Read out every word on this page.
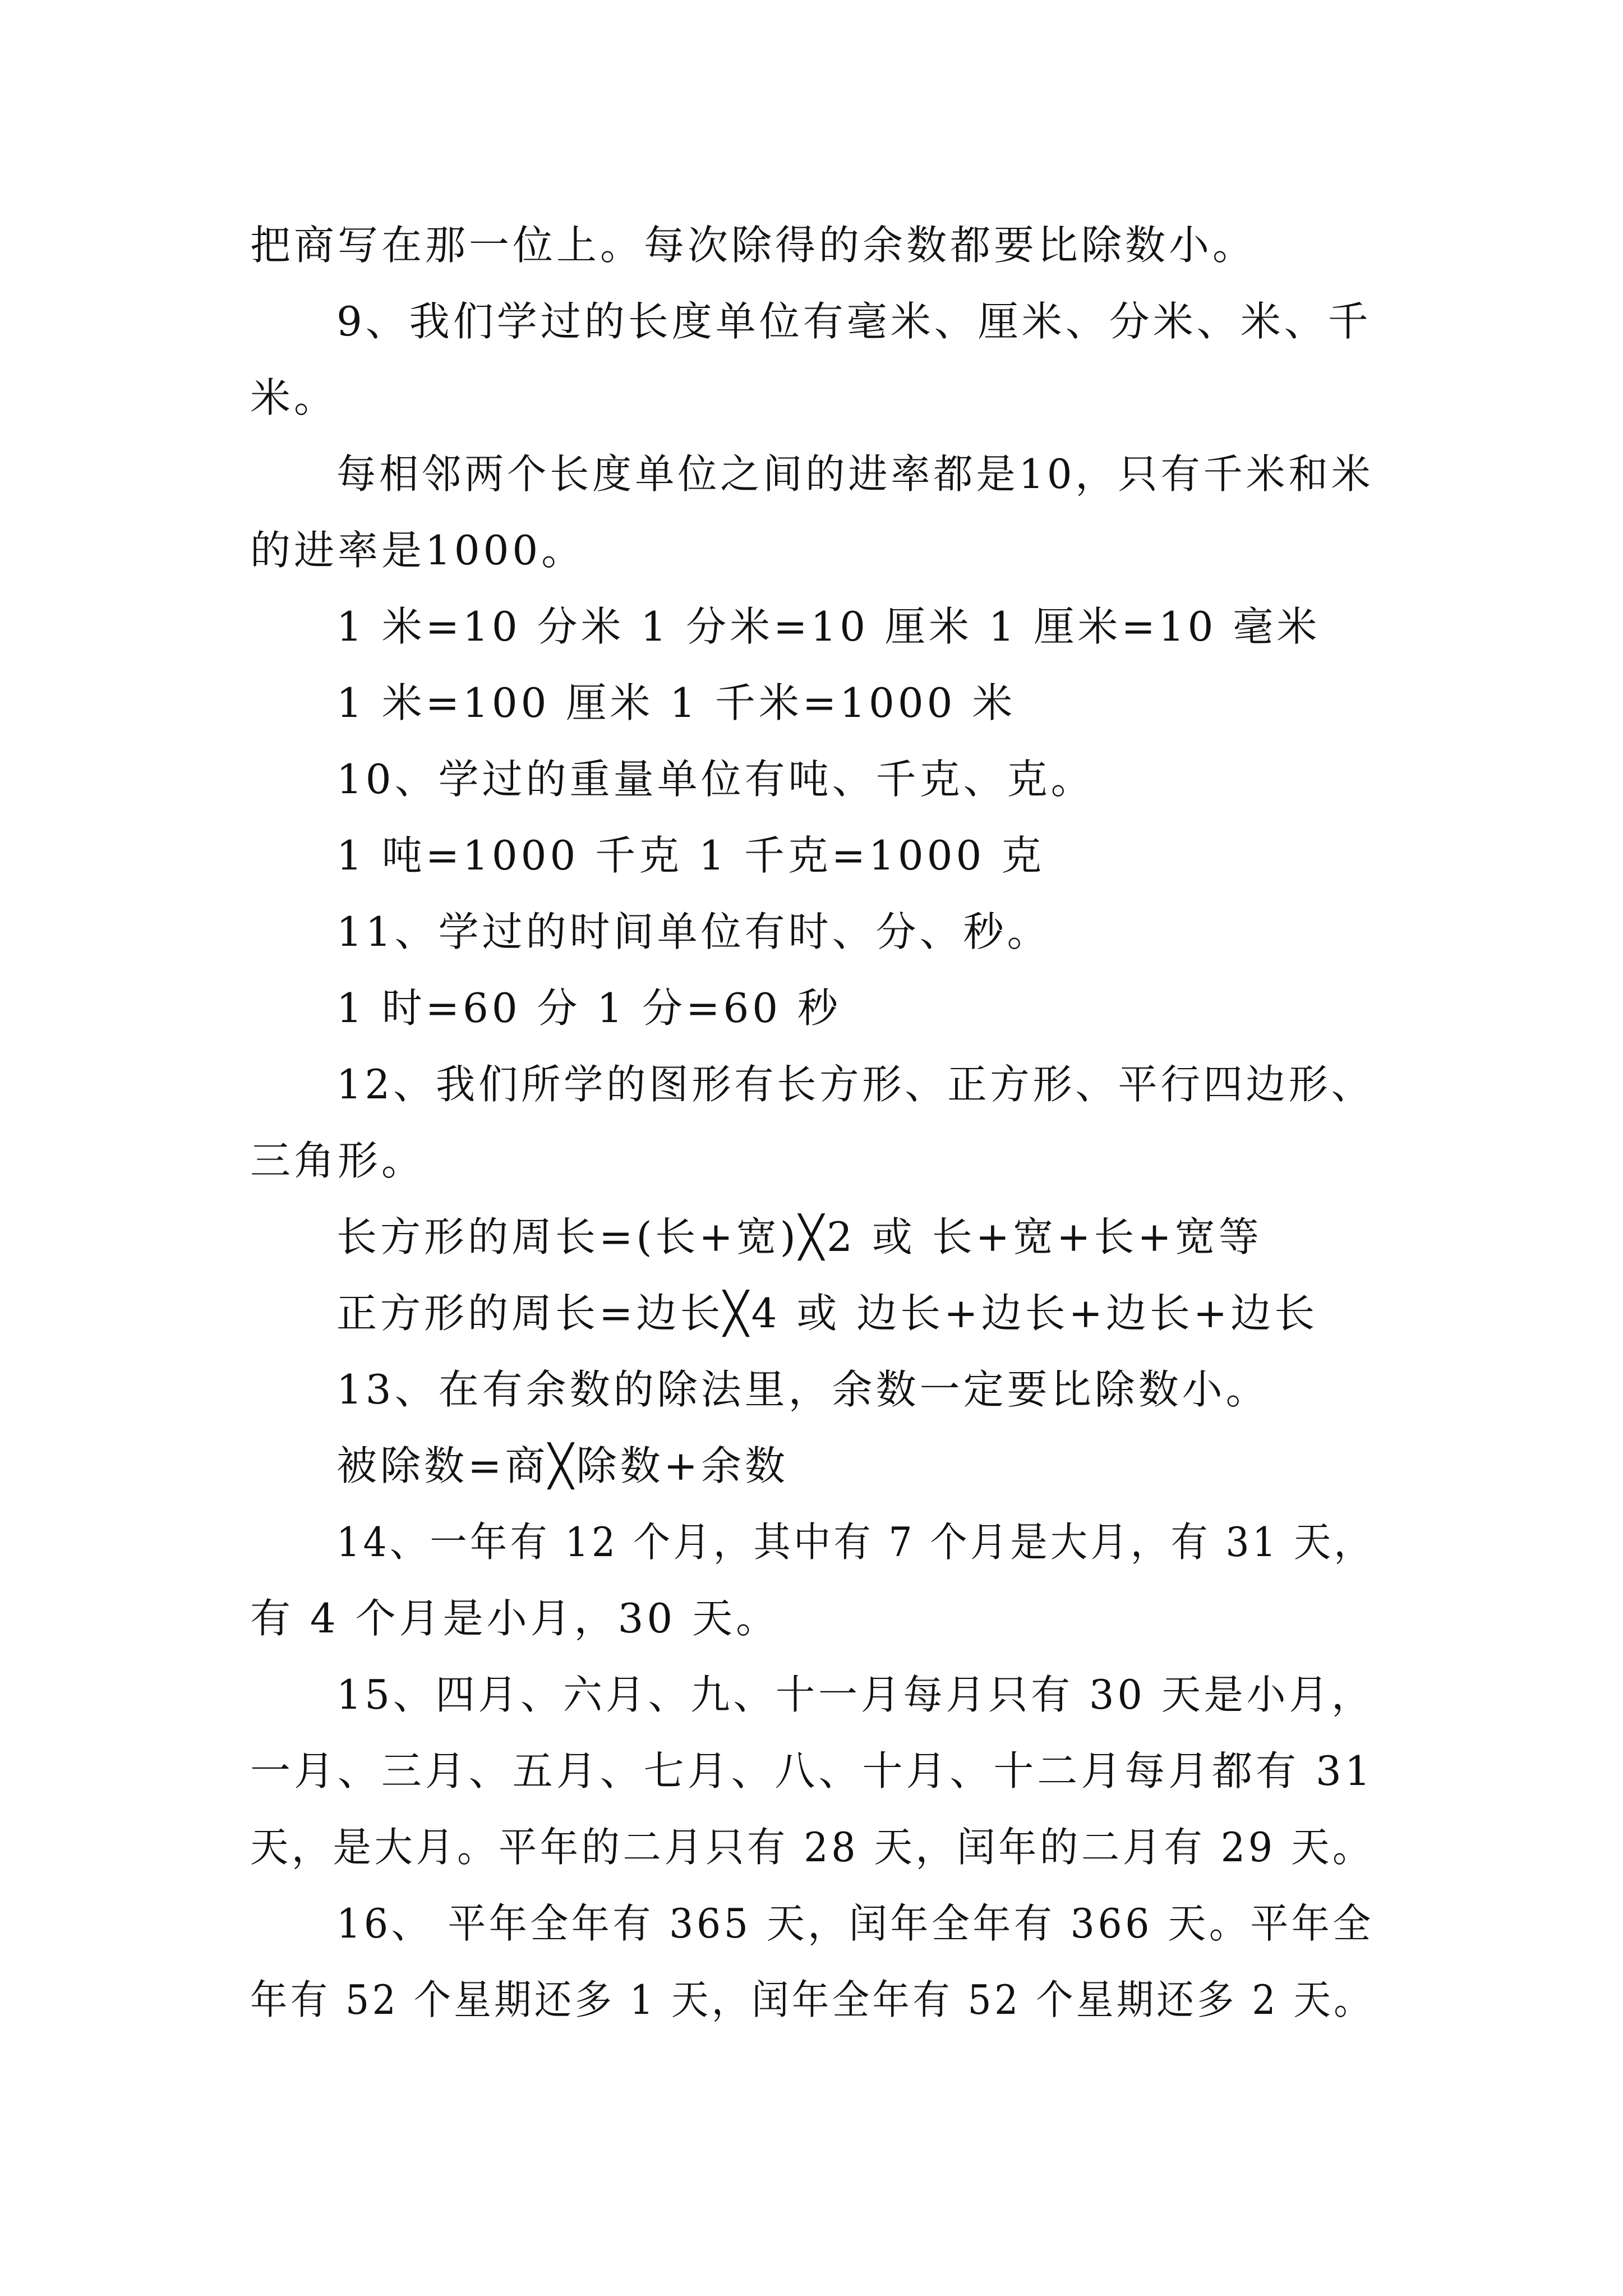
把商写在那一位上。每次除得的余数都要比除数小。
9、我们学过的长度单位有毫米、厘米、分米、米、千
米。
每相邻两个长度单位之间的进率都是10，只有千米和米
的进率是1000。
1 米=10 分米 1 分米=10 厘米 1 厘米=10 毫米
1 米=100 厘米 1 千米=1000 米
10、学过的重量单位有吨、千克、克。
1 吨=1000 千克 1 千克=1000 克
11、学过的时间单位有时、分、秒。
1 时=60 分 1 分=60 秒
12、我们所学的图形有长方形、正方形、平行四边形、
三角形。
长方形的周长=(长+宽)╳2 或 长+宽+长+宽等
正方形的周长=边长╳4 或 边长+边长+边长+边长
13、在有余数的除法里，余数一定要比除数小。
被除数=商╳除数+余数
14、一年有 12 个月，其中有 7 个月是大月，有 31 天，
有 4 个月是小月，30 天。
15、四月、六月、九、十一月每月只有 30 天是小月，
一月、三月、五月、七月、八、十月、十二月每月都有 31
天，是大月。平年的二月只有 28 天，闰年的二月有 29 天。
16、 平年全年有 365 天，闰年全年有 366 天。平年全
年有 52 个星期还多 1 天，闰年全年有 52 个星期还多 2 天。
